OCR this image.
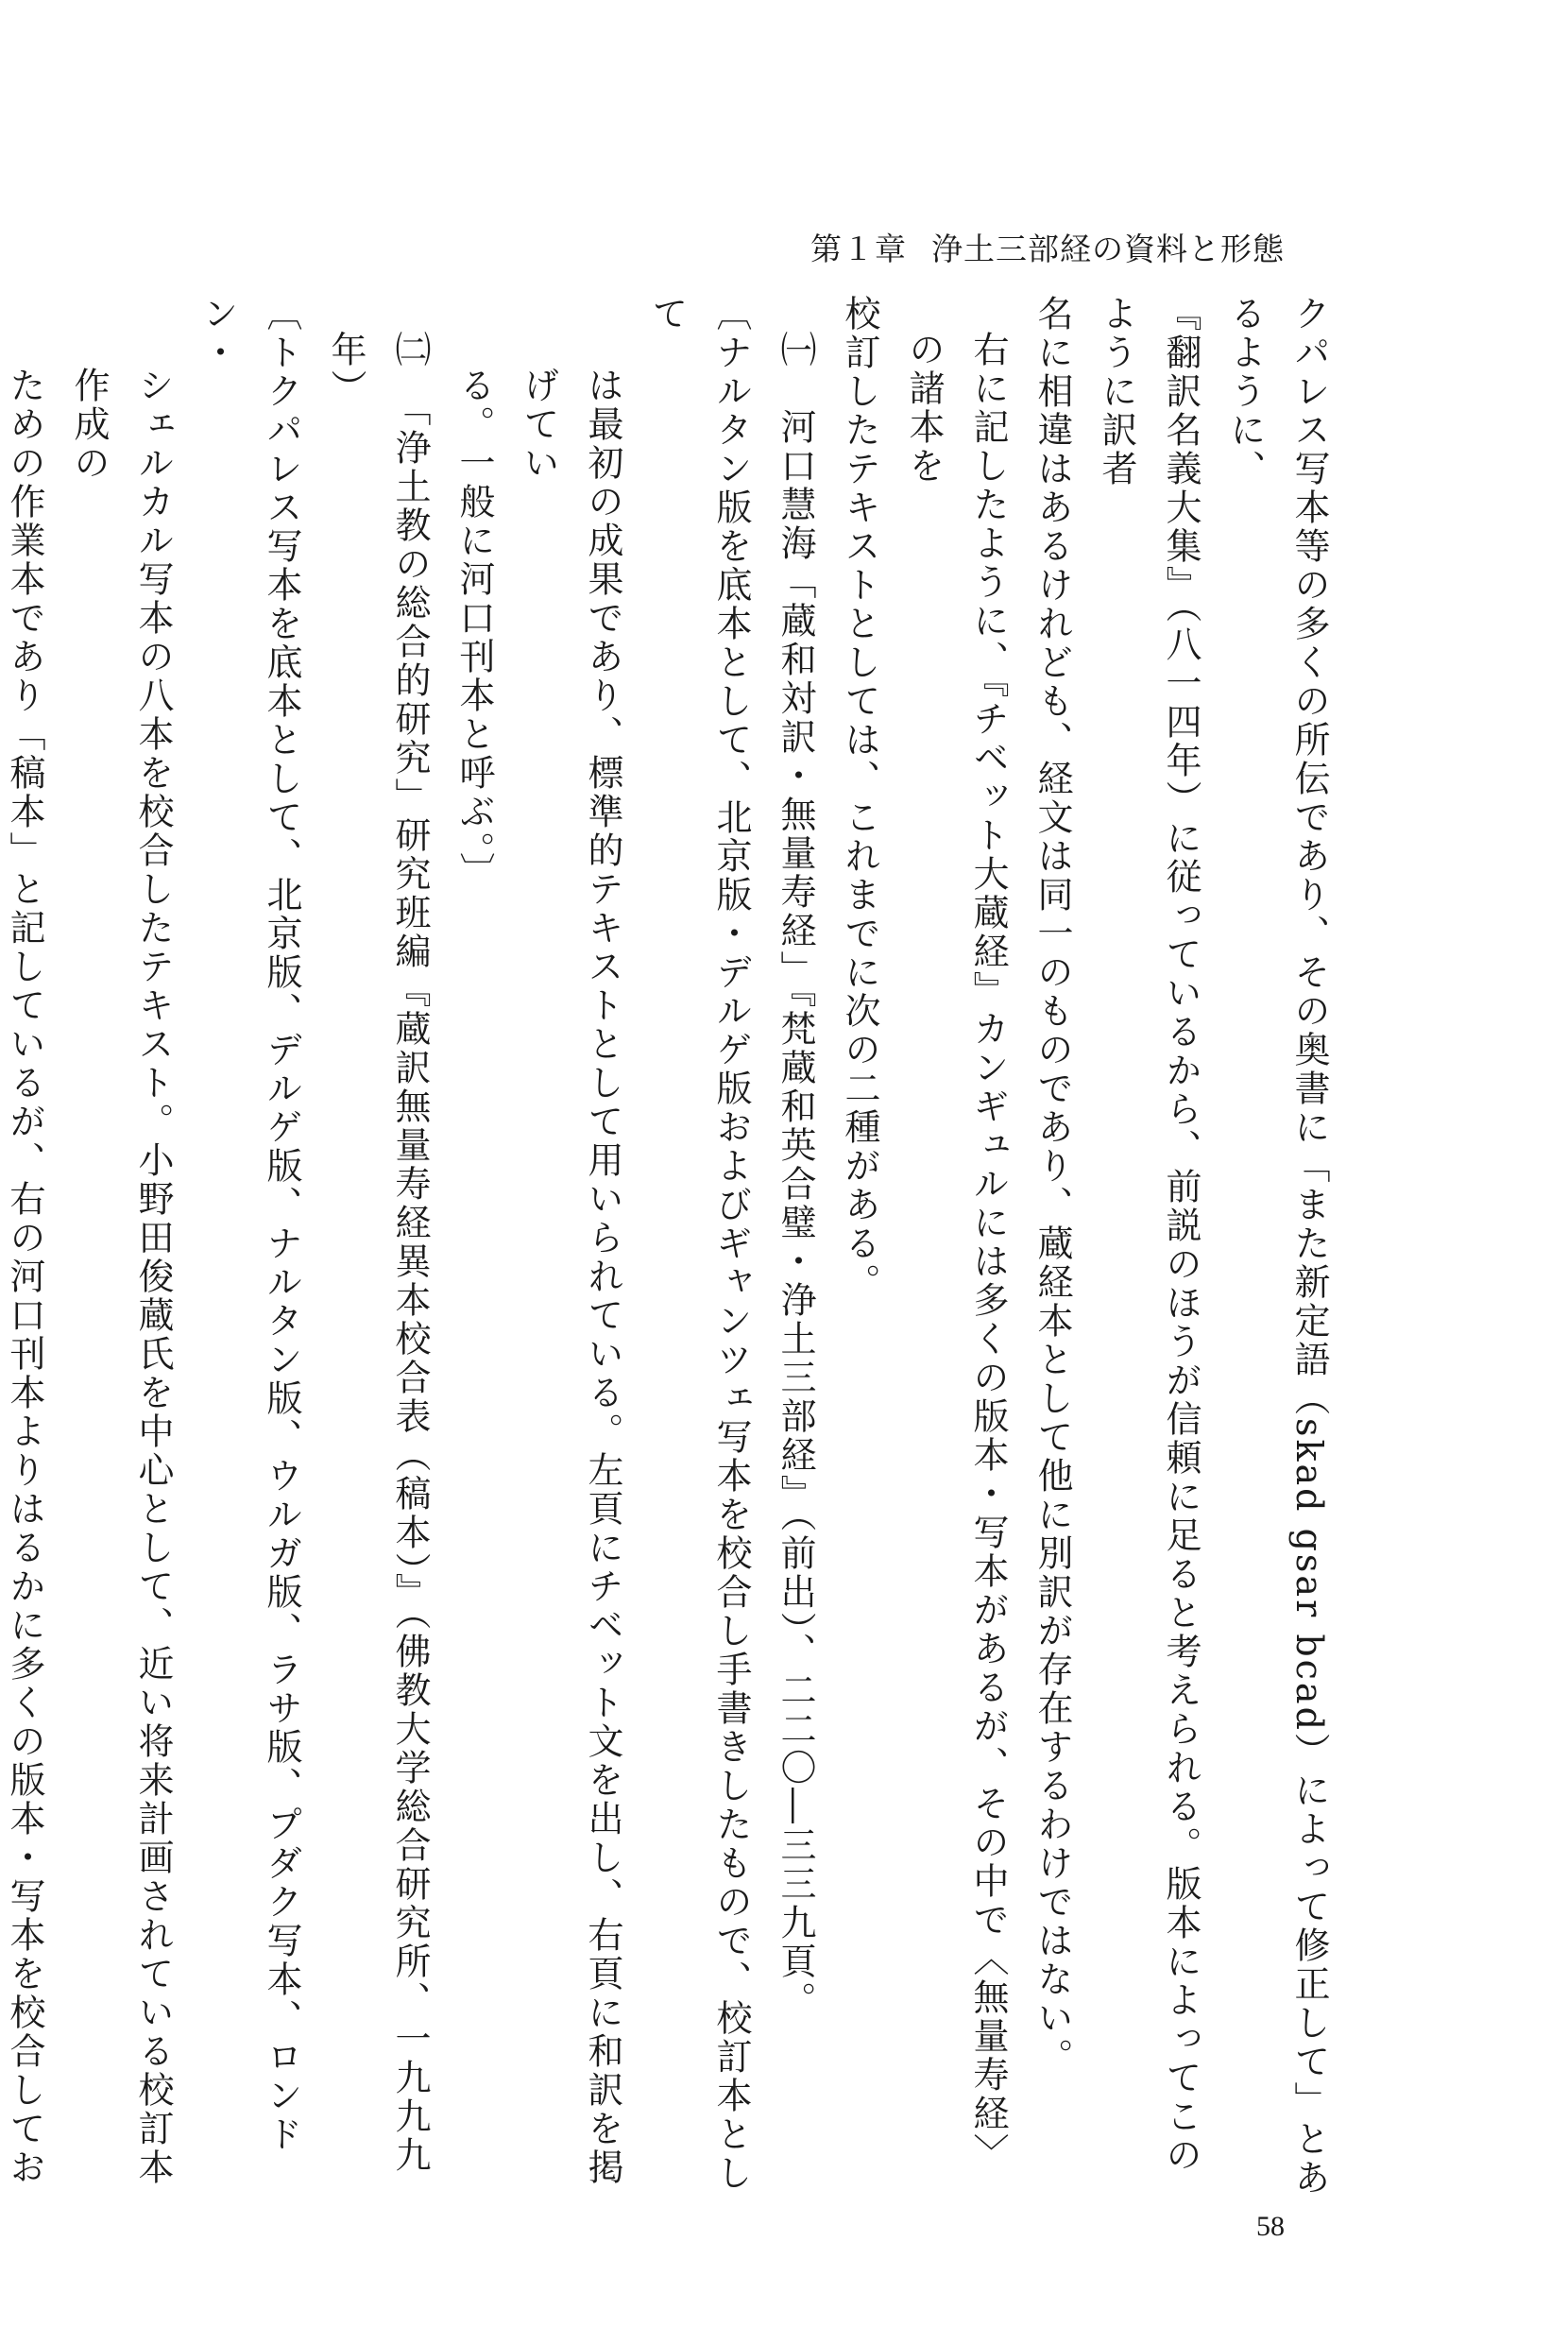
第１章 浄土三部経の資料と形態

クパレス写本等の多くの所伝であり、その奥書に「また新定語（skad gsar bcad）によって修正して」とあるように、

『翻訳名義大集』（八一四年）に従っているから、前説のほうが信頼に足ると考えられる。版本によってこのように訳者

名に相違はあるけれども、経文は同一のものであり、蔵経本として他に別訳が存在するわけではない。

右に記したように、『チベット大蔵経』カンギュルには多くの版本・写本があるが、その中で〈無量寿経〉の諸本を

校訂したテキストとしては、これまでに次の二種がある。

㈠　河口慧海「蔵和対訳・無量寿経」『梵蔵和英合璧・浄土三部経』（前出）、二二〇―三三九頁。

〔ナルタン版を底本として、北京版・デルゲ版およびギャンツェ写本を校合し手書きしたもので、校訂本として

は最初の成果であり、標準的テキストとして用いられている。左頁にチベット文を出し、右頁に和訳を掲げてい

る。一般に河口刊本と呼ぶ。〕

㈡　「浄土教の総合的研究」研究班編『蔵訳無量寿経異本校合表（稿本）』（佛教大学総合研究所、一九九九年）

〔トクパレス写本を底本として、北京版、デルゲ版、ナルタン版、ウルガ版、ラサ版、プダク写本、ロンドン・

シェルカル写本の八本を校合したテキスト。小野田俊蔵氏を中心として、近い将来計画されている校訂本作成の

ための作業本であり「稿本」と記しているが、右の河口刊本よりはるかに多くの版本・写本を校合してお

58
